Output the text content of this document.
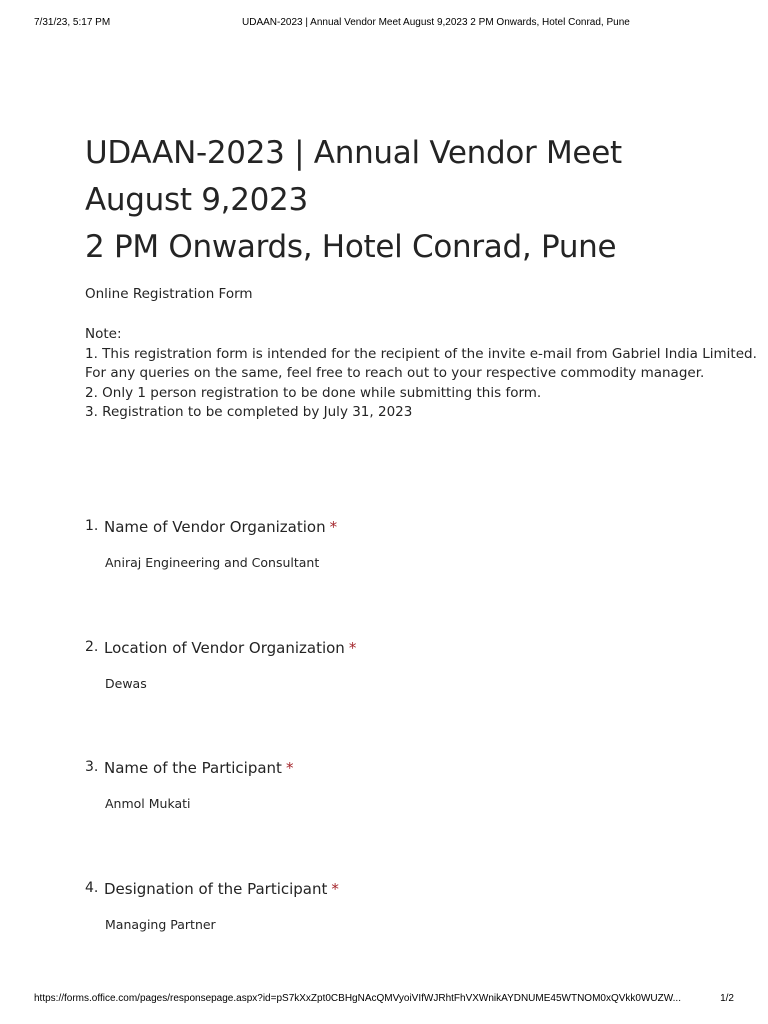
7/31/23, 5:17 PM	UDAAN-2023 | Annual Vendor Meet August 9,2023 2 PM Onwards, Hotel Conrad, Pune
UDAAN-2023 | Annual Vendor Meet
August 9,2023
2 PM Onwards, Hotel Conrad, Pune
Online Registration Form
Note:
1. This registration form is intended for the recipient of the invite e-mail from Gabriel India Limited.
For any queries on the same, feel free to reach out to your respective commodity manager.
2. Only 1 person registration to be done while submitting this form.
3. Registration to be completed by July 31, 2023
1. Name of Vendor Organization *
Aniraj Engineering and Consultant
2. Location of Vendor Organization *
Dewas
3. Name of the Participant *
Anmol Mukati
4. Designation of the Participant *
Managing Partner
https://forms.office.com/pages/responsepage.aspx?id=pS7kXxZpt0CBHgNAcQMVyoiVIfWJRhtFhVXWnikAYDNUME45WTNOM0xQVkk0WUZW...	1/2
